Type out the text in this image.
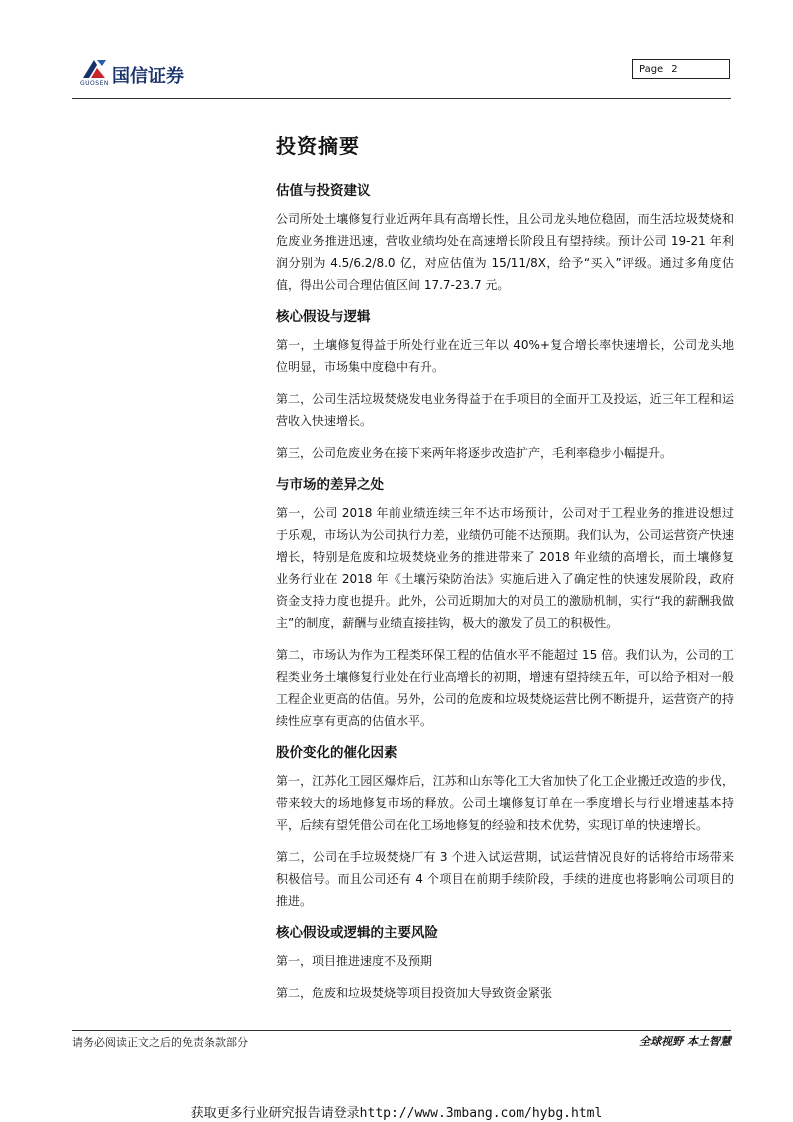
国信证券
GUOSEN
Page 2
投资摘要
估值与投资建议

公司所处土壤修复行业近两年具有高增长性，且公司龙头地位稳固，而生活垃圾焚烧和危废业务推进迅速，营收业绩均处在高速增长阶段且有望持续。预计公司 19-21 年利润分别为 4.5/6.2/8.0 亿，对应估值为 15/11/8X，给予“买入”评级。通过多角度估值，得出公司合理估值区间 17.7-23.7 元。

核心假设与逻辑

第一，土壤修复得益于所处行业在近三年以 40%+复合增长率快速增长，公司龙头地位明显，市场集中度稳中有升。

第二，公司生活垃圾焚烧发电业务得益于在手项目的全面开工及投运，近三年工程和运营收入快速增长。

第三，公司危废业务在接下来两年将逐步改造扩产，毛利率稳步小幅提升。

与市场的差异之处

第一，公司 2018 年前业绩连续三年不达市场预计，公司对于工程业务的推进设想过于乐观，市场认为公司执行力差，业绩仍可能不达预期。我们认为，公司运营资产快速增长，特别是危废和垃圾焚烧业务的推进带来了 2018 年业绩的高增长，而土壤修复业务行业在 2018 年《土壤污染防治法》实施后进入了确定性的快速发展阶段，政府资金支持力度也提升。此外，公司近期加大的对员工的激励机制，实行“我的薪酬我做主”的制度，薪酬与业绩直接挂钩，极大的激发了员工的积极性。

第二，市场认为作为工程类环保工程的估值水平不能超过 15 倍。我们认为，公司的工程类业务土壤修复行业处在行业高增长的初期，增速有望持续五年，可以给予相对一般工程企业更高的估值。另外，公司的危废和垃圾焚烧运营比例不断提升，运营资产的持续性应享有更高的估值水平。

股价变化的催化因素

第一，江苏化工园区爆炸后，江苏和山东等化工大省加快了化工企业搬迁改造的步伐，带来较大的场地修复市场的释放。公司土壤修复订单在一季度增长与行业增速基本持平，后续有望凭借公司在化工场地修复的经验和技术优势，实现订单的快速增长。

第二，公司在手垃圾焚烧厂有 3 个进入试运营期，试运营情况良好的话将给市场带来积极信号。而且公司还有 4 个项目在前期手续阶段，手续的进度也将影响公司项目的推进。

核心假设或逻辑的主要风险

第一，项目推进速度不及预期

第二，危废和垃圾焚烧等项目投资加大导致资金紧张

请务必阅读正文之后的免责条款部分	全球视野 本土智慧
获取更多行业研究报告请登录http://www.3mbang.com/hybg.html
